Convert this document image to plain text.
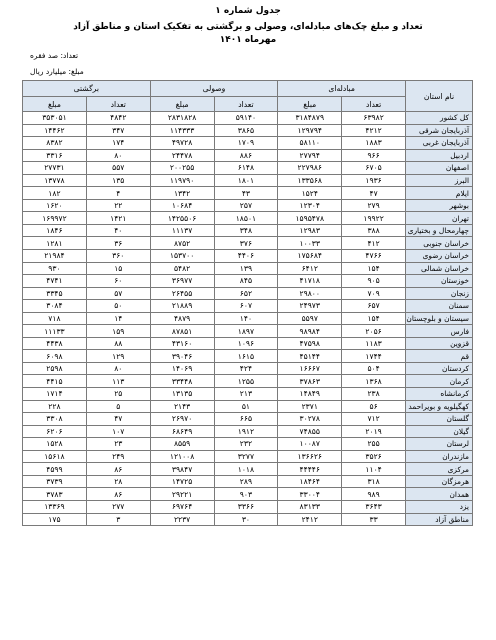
جدول شماره ۱
تعداد و مبلغ چک‌های مبادله‌ای، وصولی و برگشتی به تفکیک استان و مناطق آزاد
مهرماه ۱۴۰۱
تعداد: صد فقره
مبلغ: میلیارد ریال
نام استان	مبادله‌ای		وصولی		برگشتی	
	تعداد	مبلغ	تعداد	مبلغ	تعداد	مبلغ
کل کشور	۶۳۹۸۲	۳۱۸۴۸۷۹	۵۹۱۴۰	۲۸۳۱۸۲۸	۴۸۴۲	۳۵۳۰۵۱
آذربایجان شرقی	۴۲۱۲	۱۲۹۷۹۴	۳۸۶۵	۱۱۴۳۳۳	۳۴۷	۱۴۴۶۲
آذربایجان غربی	۱۸۸۳	۵۸۱۱۰	۱۷۰۹	۴۹۷۲۸	۱۷۴	۸۳۸۲
اردبیل	۹۶۶	۲۷۷۹۴	۸۸۶	۲۴۴۷۸	۸۰	۳۳۱۶
اصفهان	۶۷۰۵	۲۲۷۹۸۶	۶۱۴۸	۲۰۰۲۵۵	۵۵۷	۲۷۷۳۱
البرز	۱۹۳۶	۱۳۳۵۶۸	۱۸۰۱	۱۱۹۷۹۰	۱۳۵	۱۳۷۷۸
ایلام	۴۷	۱۵۲۴	۴۳	۱۳۴۲	۴	۱۸۲
بوشهر	۲۷۹	۱۲۳۰۴	۲۵۷	۱۰۶۸۴	۲۲	۱۶۲۰
تهران	۱۹۹۲۲	۱۵۹۵۴۷۸	۱۸۵۰۱	۱۴۲۵۵۰۶	۱۴۲۱	۱۶۹۹۷۲
چهارمحال و بختیاری	۳۸۸	۱۲۹۸۳	۳۴۸	۱۱۱۳۷	۴۰	۱۸۴۶
خراسان جنوبی	۴۱۲	۱۰۰۳۳	۳۷۶	۸۷۵۲	۳۶	۱۲۸۱
خراسان رضوی	۴۷۶۶	۱۷۵۶۸۴	۴۴۰۶	۱۵۳۷۰۰	۳۶۰	۲۱۹۸۴
خراسان شمالی	۱۵۴	۶۴۱۲	۱۳۹	۵۴۸۲	۱۵	۹۳۰
خوزستان	۹۰۵	۴۱۷۱۸	۸۴۵	۳۶۹۷۷	۶۰	۴۷۴۱
زنجان	۷۰۹	۲۹۸۰۰	۶۵۲	۲۶۴۵۵	۵۷	۳۳۴۵
سمنان	۶۵۷	۲۴۹۷۳	۶۰۷	۲۱۸۸۹	۵۰	۳۰۸۴
سیستان و بلوچستان	۱۵۴	۵۵۹۷	۱۴۰	۴۸۷۹	۱۴	۷۱۸
فارس	۲۰۵۶	۹۸۹۸۴	۱۸۹۷	۸۷۸۵۱	۱۵۹	۱۱۱۳۳
قزوین	۱۱۸۳	۴۷۵۹۸	۱۰۹۶	۴۳۱۶۰	۸۸	۴۴۳۸
قم	۱۷۴۴	۴۵۱۴۴	۱۶۱۵	۳۹۰۴۶	۱۲۹	۶۰۹۸
کردستان	۵۰۴	۱۶۶۶۷	۴۲۴	۱۴۰۶۹	۸۰	۲۵۹۸
کرمان	۱۳۶۸	۳۷۸۶۳	۱۲۵۵	۳۳۴۴۸	۱۱۳	۴۴۱۵
کرمانشاه	۲۳۸	۱۴۸۴۹	۲۱۳	۱۳۱۳۵	۲۵	۱۷۱۴
کهگیلویه و بویراحمد	۵۶	۲۳۷۱	۵۱	۲۱۴۳	۵	۲۲۸
گلستان	۷۱۲	۳۰۲۷۸	۶۶۵	۲۶۹۷۰	۴۷	۳۳۰۸
گیلان	۲۰۱۹	۷۴۸۵۵	۱۹۱۲	۶۸۶۴۹	۱۰۷	۶۲۰۶
لرستان	۲۵۵	۱۰۰۸۷	۲۳۲	۸۵۵۹	۲۳	۱۵۲۸
مازندران	۳۵۲۶	۱۳۶۶۲۶	۳۲۷۷	۱۲۱۰۰۸	۲۴۹	۱۵۶۱۸
مرکزی	۱۱۰۴	۴۴۴۴۶	۱۰۱۸	۳۹۸۴۷	۸۶	۴۵۹۹
هرمزگان	۳۱۸	۱۸۴۶۴	۲۸۹	۱۴۷۲۵	۲۸	۳۷۳۹
همدان	۹۸۹	۳۳۰۰۴	۹۰۳	۲۹۲۲۱	۸۶	۳۷۸۳
یزد	۳۶۴۳	۸۳۱۳۳	۳۳۶۶	۶۹۷۶۴	۲۷۷	۱۳۳۶۹
مناطق آزاد	۳۳	۲۴۱۲	۳۰	۲۲۳۷	۳	۱۷۵
